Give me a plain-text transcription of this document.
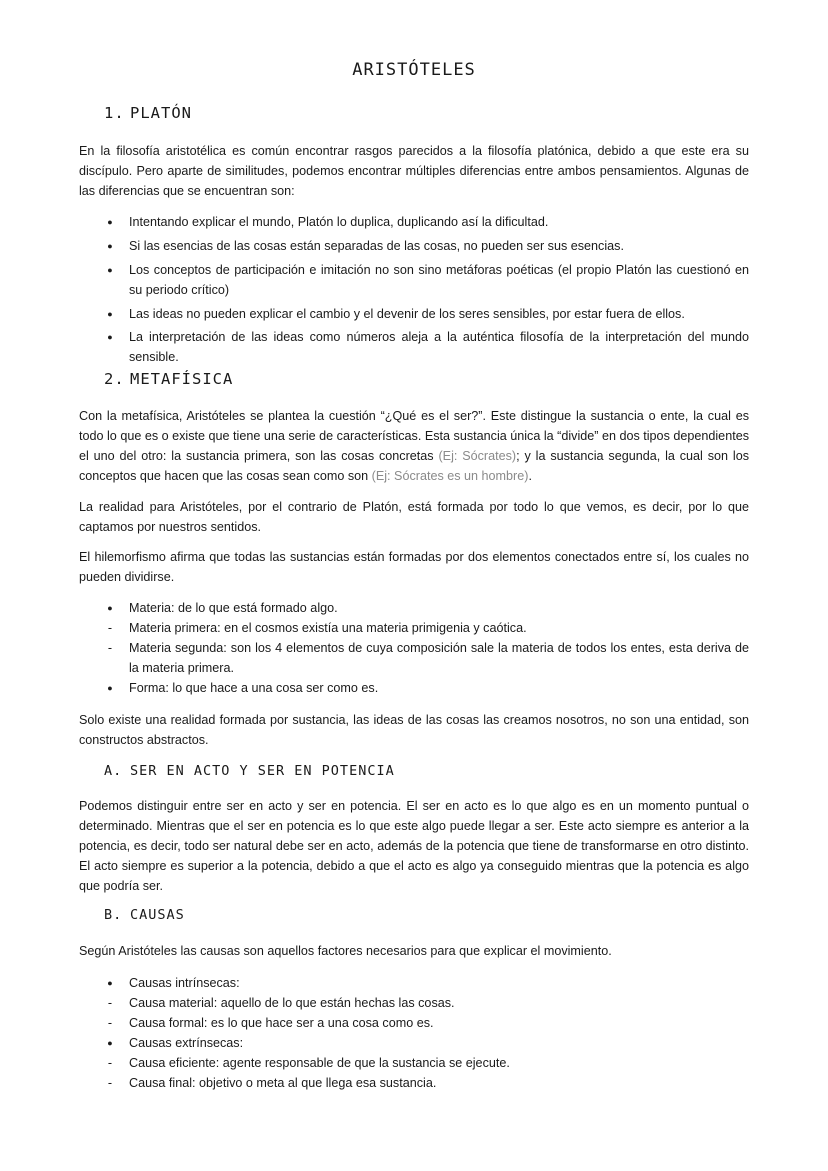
ARISTÓTELES
1. PLATÓN

En la filosofía aristotélica es común encontrar rasgos parecidos a la filosofía platónica, debido a que este era su discípulo. Pero aparte de similitudes, podemos encontrar múltiples diferencias entre ambos pensamientos. Algunas de las diferencias que se encuentran son:

●
Intentando explicar el mundo, Platón lo duplica, duplicando así la dificultad.
●
Si las esencias de las cosas están separadas de las cosas, no pueden ser sus esencias.
●
Los conceptos de participación e imitación no son sino metáforas poéticas (el propio Platón las cuestionó en su periodo crítico)
●
Las ideas no pueden explicar el cambio y el devenir de los seres sensibles, por estar fuera de ellos.
●
La interpretación de las ideas como números aleja a la auténtica filosofía de la interpretación del mundo sensible.
2. METAFÍSICA

Con la metafísica, Aristóteles se plantea la cuestión “¿Qué es el ser?”. Este distingue la sustancia o ente, la cual es todo lo que es o existe que tiene una serie de características. Esta sustancia única la “divide” en dos tipos dependientes el uno del otro: la sustancia primera, son las cosas concretas (Ej: Sócrates); y la sustancia segunda, la cual son los conceptos que hacen que las cosas sean como son (Ej: Sócrates es un hombre).

La realidad para Aristóteles, por el contrario de Platón, está formada por todo lo que vemos, es decir, por lo que captamos por nuestros sentidos.

El hilemorfismo afirma que todas las sustancias están formadas por dos elementos conectados entre sí, los cuales no pueden dividirse.

●
Materia: de lo que está formado algo.
-
Materia primera: en el cosmos existía una materia primigenia y caótica.
-
Materia segunda: son los 4 elementos de cuya composición sale la materia de todos los entes, esta deriva de la materia primera.
●
Forma: lo que hace a una cosa ser como es.

Solo existe una realidad formada por sustancia, las ideas de las cosas las creamos nosotros, no son una entidad, son constructos abstractos.

A. SER EN ACTO Y SER EN POTENCIA

Podemos distinguir entre ser en acto y ser en potencia. El ser en acto es lo que algo es en un momento puntual o determinado. Mientras que el ser en potencia es lo que este algo puede llegar a ser. Este acto siempre es anterior a la potencia, es decir, todo ser natural debe ser en acto, además de la potencia que tiene de transformarse en otro distinto. El acto siempre es superior a la potencia, debido a que el acto es algo ya conseguido mientras que la potencia es algo que podría ser.

B. CAUSAS

Según Aristóteles las causas son aquellos factores necesarios para que explicar el movimiento.

●
Causas intrínsecas:
-
Causa material: aquello de lo que están hechas las cosas.
-
Causa formal: es lo que hace ser a una cosa como es.
●
Causas extrínsecas:
-
Causa eficiente: agente responsable de que la sustancia se ejecute.
-
Causa final: objetivo o meta al que llega esa sustancia.
